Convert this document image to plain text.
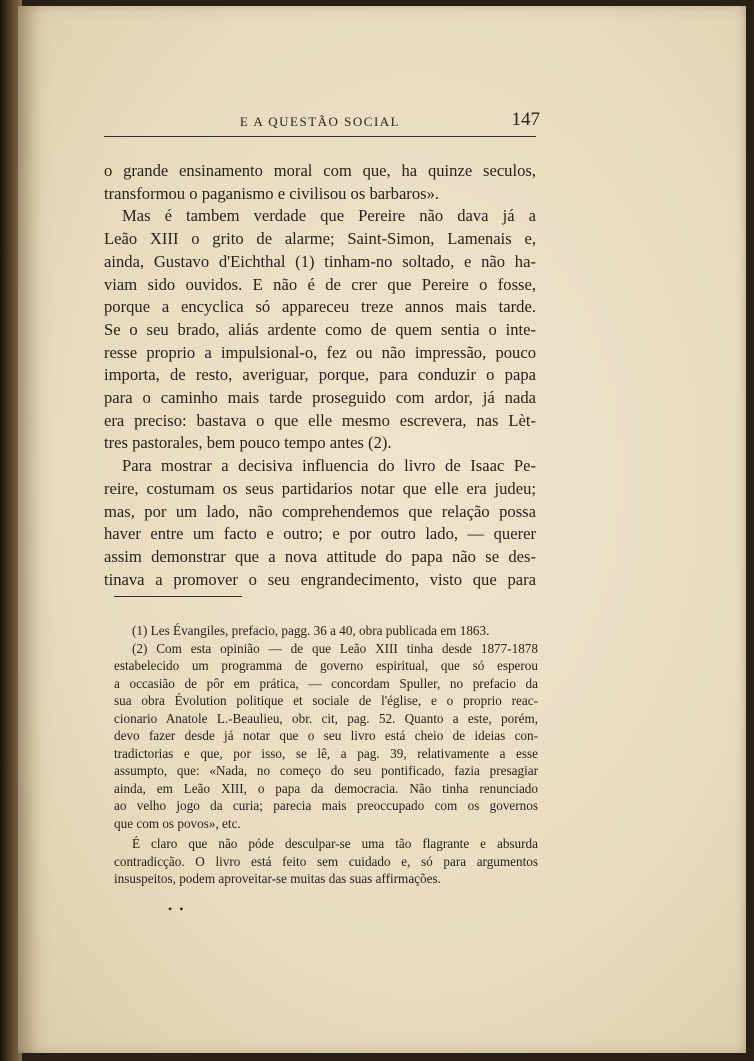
E A QUESTÃO SOCIAL	147
o grande ensinamento moral com que, ha quinze seculos,
transformou o paganismo e civilisou os barbaros».
Mas é tambem verdade que Pereire não dava já a
Leão XIII o grito de alarme; Saint-Simon, Lamenais e,
ainda, Gustavo d'Eichthal (1) tinham-no soltado, e não ha-
viam sido ouvidos. E não é de crer que Pereire o fosse,
porque a encyclica só appareceu treze annos mais tarde.
Se o seu brado, aliás ardente como de quem sentia o inte-
resse proprio a impulsional-o, fez ou não impressão, pouco
importa, de resto, averiguar, porque, para conduzir o papa
para o caminho mais tarde proseguido com ardor, já nada
era preciso: bastava o que elle mesmo escrevera, nas Lèt-
tres pastorales, bem pouco tempo antes (2).
Para mostrar a decisiva influencia do livro de Isaac Pe-
reire, costumam os seus partidarios notar que elle era judeu;
mas, por um lado, não comprehendemos que relação possa
haver entre um facto e outro; e por outro lado, — querer
assim demonstrar que a nova attitude do papa não se des-
tinava a promover o seu engrandecimento, visto que para
(1) Les Évangiles, prefacio, pagg. 36 a 40, obra publicada em 1863.
(2) Com esta opinião — de que Leão XIII tinha desde 1877-1878
estabelecido um programma de governo espiritual, que só esperou
a occasião de pôr em prática, — concordam Spuller, no prefacio da
sua obra Évolution politique et sociale de l'église, e o proprio reac-
cionario Anatole L.-Beaulieu, obr. cit, pag. 52. Quanto a este, porém,
devo fazer desde já notar que o seu livro está cheio de ideias con-
tradictorias e que, por isso, se lê, a pag. 39, relativamente a esse
assumpto, que: «Nada, no começo do seu pontificado, fazia presagiar
ainda, em Leão XIII, o papa da democracia. Não tinha renunciado
ao velho jogo da curia; parecia mais preoccupado com os governos
que com os povos», etc.
É claro que não póde desculpar-se uma tão flagrante e absurda
contradicção. O livro está feito sem cuidado e, só para argumentos
insuspeitos, podem aproveitar-se muitas das suas affirmações.
• •
